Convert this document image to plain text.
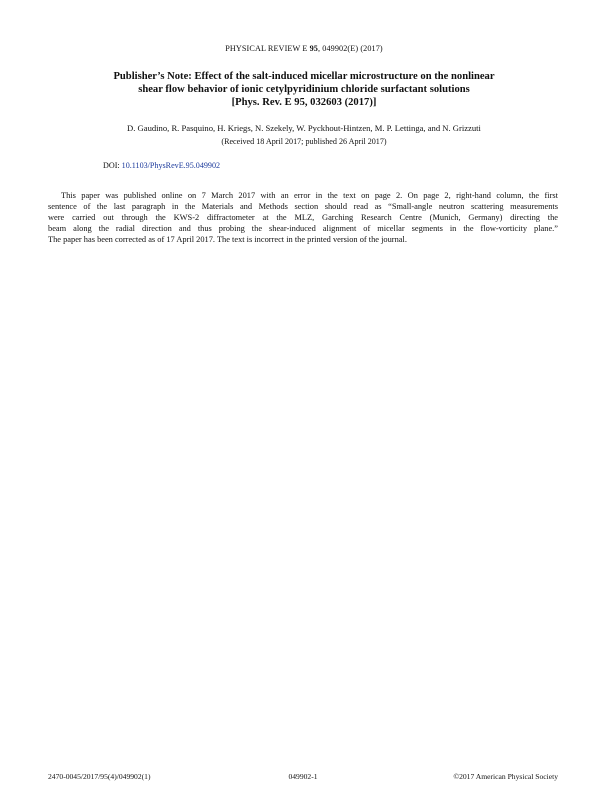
PHYSICAL REVIEW E 95, 049902(E) (2017)
Publisher’s Note: Effect of the salt-induced micellar microstructure on the nonlinear
shear flow behavior of ionic cetylpyridinium chloride surfactant solutions
[Phys. Rev. E 95, 032603 (2017)]
D. Gaudino, R. Pasquino, H. Kriegs, N. Szekely, W. Pyckhout-Hintzen, M. P. Lettinga, and N. Grizzuti
(Received 18 April 2017; published 26 April 2017)
DOI: 10.1103/PhysRevE.95.049902
This paper was published online on 7 March 2017 with an error in the text on page 2. On page 2, right-hand column, the first
sentence of the last paragraph in the Materials and Methods section should read as “Small-angle neutron scattering measurements
were carried out through the KWS-2 diffractometer at the MLZ, Garching Research Centre (Munich, Germany) directing the
beam along the radial direction and thus probing the shear-induced alignment of micellar segments in the flow-vorticity plane.”
The paper has been corrected as of 17 April 2017. The text is incorrect in the printed version of the journal.
2470-0045/2017/95(4)/049902(1)	049902-1	©2017 American Physical Society
